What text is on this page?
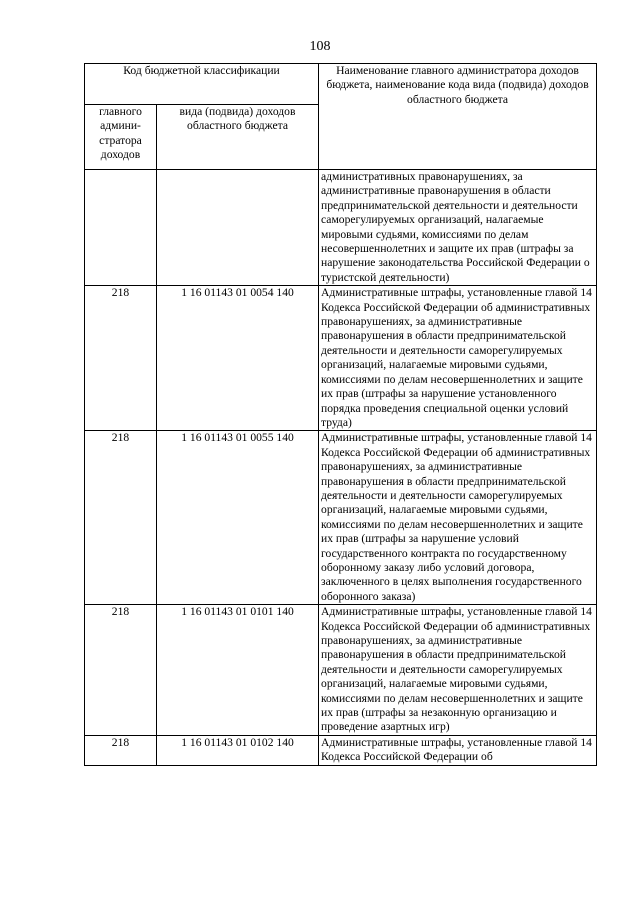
108
Код бюджетной классификации		Наименование главного администратора доходов бюджета, наименование кода вида (подвида) доходов областного бюджета
главного админи-стратора доходов	вида (подвида) доходов областного бюджета	
		административных правонарушениях, за административные правонарушения в области предпринимательской деятельности и деятельности саморегулируемых организаций, налагаемые мировыми судьями, комиссиями по делам несовершеннолетних и защите их прав (штрафы за нарушение законодательства Российской Федерации о туристской деятельности)
218	1 16 01143 01 0054 140	Административные штрафы, установленные главой 14 Кодекса Российской Федерации об административных правонарушениях, за административные правонарушения в области предпринимательской деятельности и деятельности саморегулируемых организаций, налагаемые мировыми судьями, комиссиями по делам несовершеннолетних и защите их прав (штрафы за нарушение установленного порядка проведения специальной оценки условий труда)
218	1 16 01143 01 0055 140	Административные штрафы, установленные главой 14 Кодекса Российской Федерации об административных правонарушениях, за административные правонарушения в области предпринимательской деятельности и деятельности саморегулируемых организаций, налагаемые мировыми судьями, комиссиями по делам несовершеннолетних и защите их прав (штрафы за нарушение условий государственного контракта по государственному оборонному заказу либо условий договора, заключенного в целях выполнения государственного оборонного заказа)
218	1 16 01143 01 0101 140	Административные штрафы, установленные главой 14 Кодекса Российской Федерации об административных правонарушениях, за административные правонарушения в области предпринимательской деятельности и деятельности саморегулируемых организаций, налагаемые мировыми судьями, комиссиями по делам несовершеннолетних и защите их прав (штрафы за незаконную организацию и проведение азартных игр)
218	1 16 01143 01 0102 140	Административные штрафы, установленные главой 14 Кодекса Российской Федерации об
